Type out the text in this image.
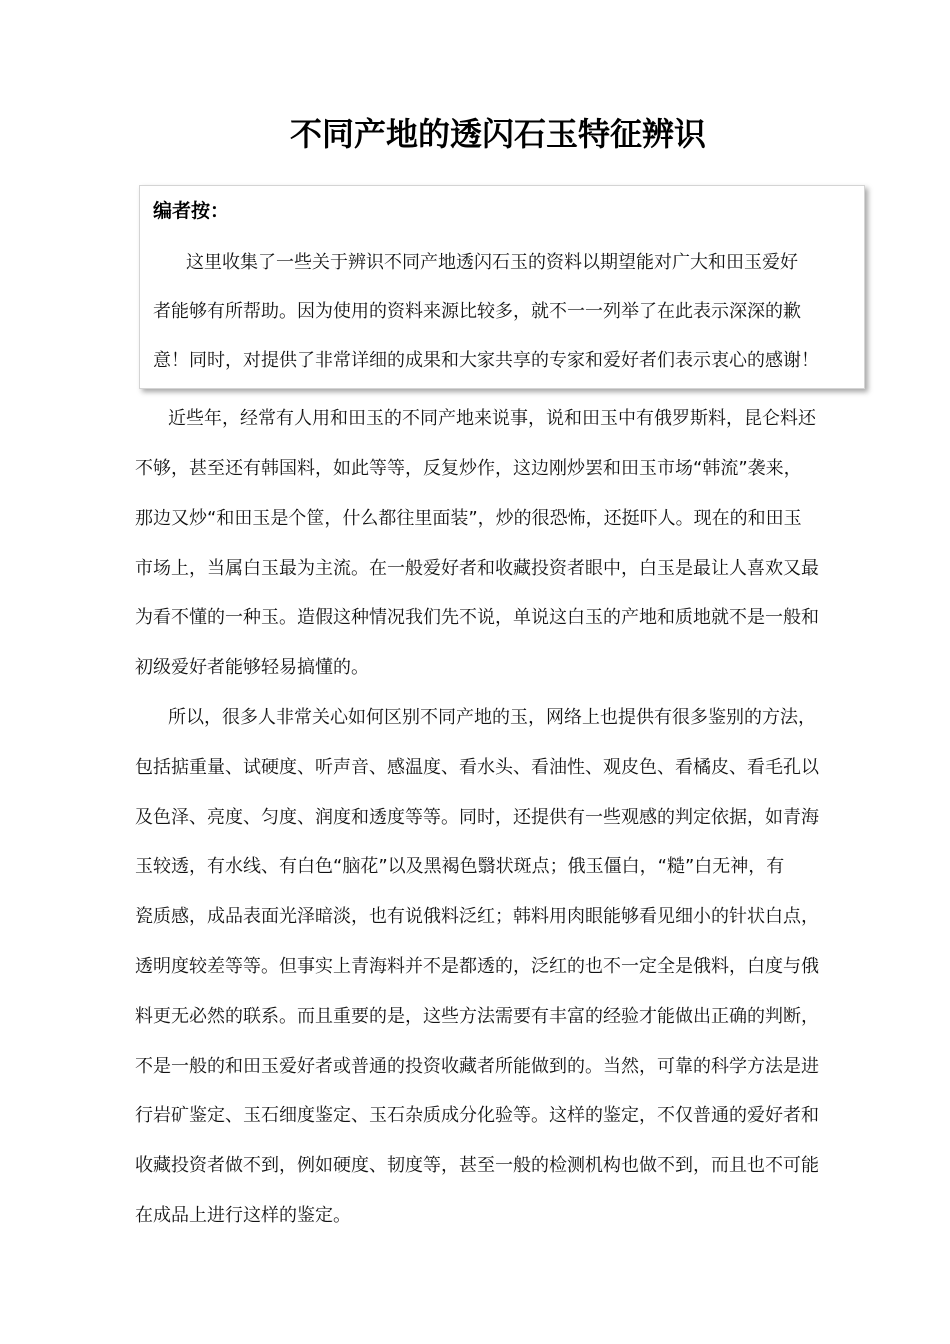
不同产地的透闪石玉特征辨识
编者按：
这里收集了一些关于辨识不同产地透闪石玉的资料以期望能对广大和田玉爱好
者能够有所帮助。因为使用的资料来源比较多，就不一一列举了在此表示深深的歉
意！同时，对提供了非常详细的成果和大家共享的专家和爱好者们表示衷心的感谢！
近些年，经常有人用和田玉的不同产地来说事，说和田玉中有俄罗斯料，昆仑料还
不够，甚至还有韩国料，如此等等，反复炒作，这边刚炒罢和田玉市场“韩流”袭来，
那边又炒“和田玉是个筐，什么都往里面装”，炒的很恐怖，还挺吓人。现在的和田玉
市场上，当属白玉最为主流。在一般爱好者和收藏投资者眼中，白玉是最让人喜欢又最
为看不懂的一种玉。造假这种情况我们先不说，单说这白玉的产地和质地就不是一般和
初级爱好者能够轻易搞懂的。
所以，很多人非常关心如何区别不同产地的玉，网络上也提供有很多鉴别的方法，
包括掂重量、试硬度、听声音、感温度、看水头、看油性、观皮色、看橘皮、看毛孔以
及色泽、亮度、匀度、润度和透度等等。同时，还提供有一些观感的判定依据，如青海
玉较透，有水线、有白色“脑花”以及黑褐色翳状斑点；俄玉僵白，“糙”白无神，有
瓷质感，成品表面光泽暗淡，也有说俄料泛红；韩料用肉眼能够看见细小的针状白点，
透明度较差等等。但事实上青海料并不是都透的，泛红的也不一定全是俄料，白度与俄
料更无必然的联系。而且重要的是，这些方法需要有丰富的经验才能做出正确的判断，
不是一般的和田玉爱好者或普通的投资收藏者所能做到的。当然，可靠的科学方法是进
行岩矿鉴定、玉石细度鉴定、玉石杂质成分化验等。这样的鉴定，不仅普通的爱好者和
收藏投资者做不到，例如硬度、韧度等，甚至一般的检测机构也做不到，而且也不可能
在成品上进行这样的鉴定。
